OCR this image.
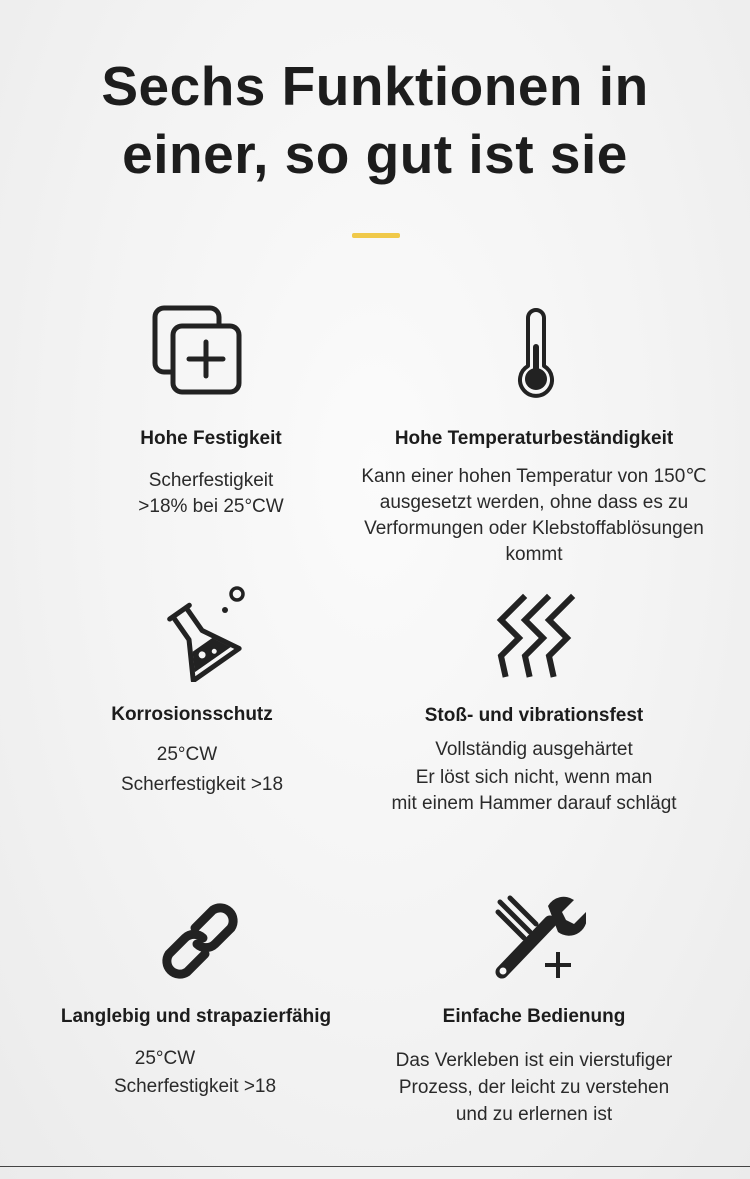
Sechs Funktionen in
einer, so gut ist sie
Hohe Festigkeit
Scherfestigkeit
>18% bei 25°CW
Hohe Temperaturbeständigkeit
Kann einer hohen Temperatur von 150℃
ausgesetzt werden, ohne dass es zu
Verformungen oder Klebstoffablösungen
kommt
Korrosionsschutz
25°CW
Scherfestigkeit >18
Stoß- und vibrationsfest
Vollständig ausgehärtet
Er löst sich nicht, wenn man
mit einem Hammer darauf schlägt
Langlebig und strapazierfähig
25°CW
Scherfestigkeit >18
Einfache Bedienung
Das Verkleben ist ein vierstufiger
Prozess, der leicht zu verstehen
und zu erlernen ist
